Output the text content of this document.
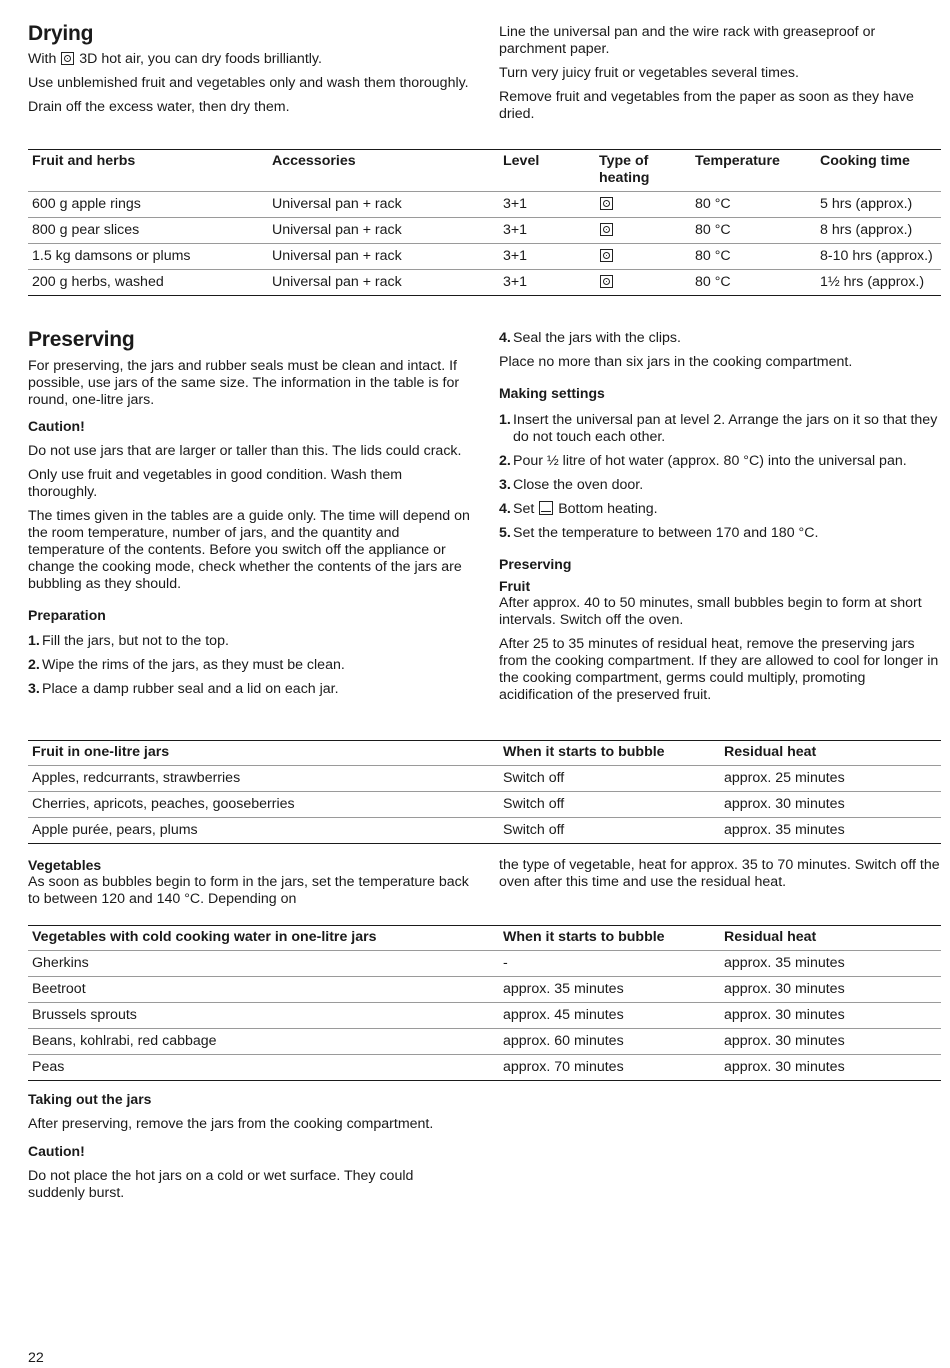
Drying

With 3D hot air, you can dry foods brilliantly.

Use unblemished fruit and vegetables only and wash them thoroughly.

Drain off the excess water, then dry them.

Line the universal pan and the wire rack with greaseproof or parchment paper.

Turn very juicy fruit or vegetables several times.

Remove fruit and vegetables from the paper as soon as they have dried.

Fruit and herbs	Accessories	Level	Type of heating	Temperature	Cooking time
600 g apple rings	Universal pan + rack	3+1		80 °C	5 hrs (approx.)
800 g pear slices	Universal pan + rack	3+1		80 °C	8 hrs (approx.)
1.5 kg damsons or plums	Universal pan + rack	3+1		80 °C	8-10 hrs (approx.)
200 g herbs, washed	Universal pan + rack	3+1		80 °C	1½ hrs (approx.)
Preserving

For preserving, the jars and rubber seals must be clean and intact. If possible, use jars of the same size. The information in the table is for round, one-litre jars.

Caution!

Do not use jars that are larger or taller than this. The lids could crack.

Only use fruit and vegetables in good condition. Wash them thoroughly.

The times given in the tables are a guide only. The time will depend on the room temperature, number of jars, and the quantity and temperature of the contents. Before you switch off the appliance or change the cooking mode, check whether the contents of the jars are bubbling as they should.

Preparation

1. Fill the jars, but not to the top.
2. Wipe the rims of the jars, as they must be clean.
3. Place a damp rubber seal and a lid on each jar.
4. Seal the jars with the clips.

Place no more than six jars in the cooking compartment.

Making settings

1. Insert the universal pan at level 2. Arrange the jars on it so that they do not touch each other.
2. Pour ½ litre of hot water (approx. 80 °C) into the universal pan.
3. Close the oven door.
4. Set Bottom heating.
5. Set the temperature to between 170 and 180 °C.

Preserving

Fruit

After approx. 40 to 50 minutes, small bubbles begin to form at short intervals. Switch off the oven.

After 25 to 35 minutes of residual heat, remove the preserving jars from the cooking compartment. If they are allowed to cool for longer in the cooking compartment, germs could multiply, promoting acidification of the preserved fruit.

Fruit in one-litre jars	When it starts to bubble	Residual heat
Apples, redcurrants, strawberries	Switch off	approx. 25 minutes
Cherries, apricots, peaches, gooseberries	Switch off	approx. 30 minutes
Apple purée, pears, plums	Switch off	approx. 35 minutes

Vegetables

As soon as bubbles begin to form in the jars, set the temperature back to between 120 and 140 °C. Depending on

the type of vegetable, heat for approx. 35 to 70 minutes. Switch off the oven after this time and use the residual heat.

Vegetables with cold cooking water in one-litre jars	When it starts to bubble	Residual heat
Gherkins	-	approx. 35 minutes
Beetroot	approx. 35 minutes	approx. 30 minutes
Brussels sprouts	approx. 45 minutes	approx. 30 minutes
Beans, kohlrabi, red cabbage	approx. 60 minutes	approx. 30 minutes
Peas	approx. 70 minutes	approx. 30 minutes

Taking out the jars

After preserving, remove the jars from the cooking compartment.

Caution!

Do not place the hot jars on a cold or wet surface. They could suddenly burst.

22
